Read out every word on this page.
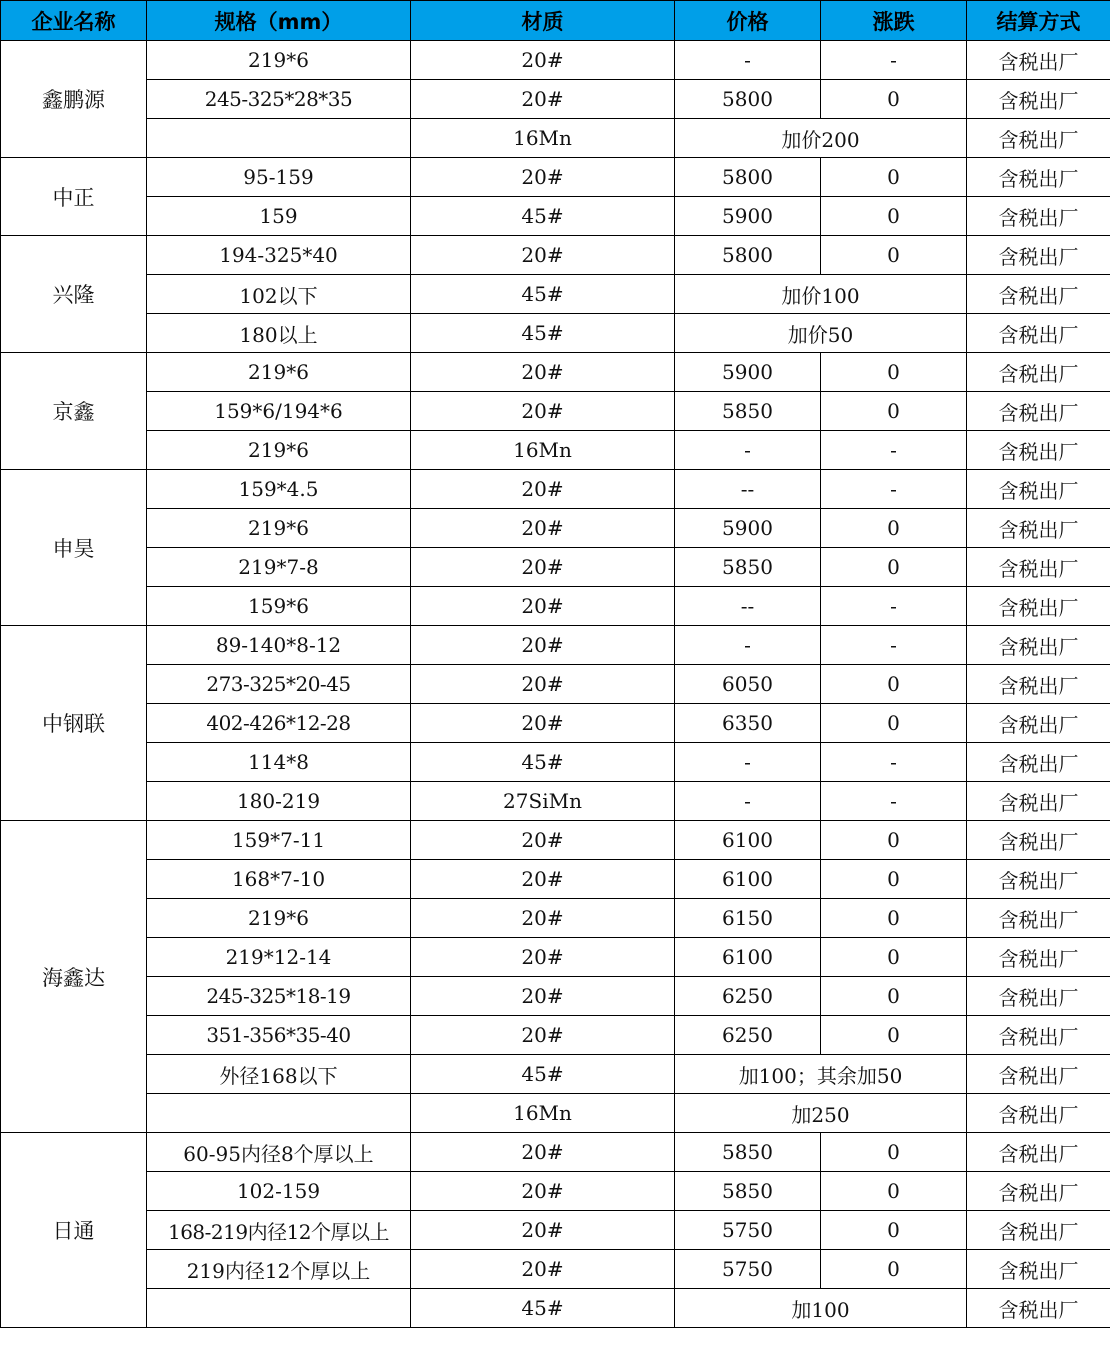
企业名称	规格（mm）	材质	价格	涨跌	结算方式
鑫鹏源	219*6	20#	-	-	含税出厂
	245-325*28*35	20#	5800	0	含税出厂
		16Mn	加价200		含税出厂
中正	95-159	20#	5800	0	含税出厂
	159	45#	5900	0	含税出厂
兴隆	194-325*40	20#	5800	0	含税出厂
	102以下	45#	加价100		含税出厂
	180以上	45#	加价50		含税出厂
京鑫	219*6	20#	5900	0	含税出厂
	159*6/194*6	20#	5850	0	含税出厂
	219*6	16Mn	-	-	含税出厂
申昊	159*4.5	20#	--	-	含税出厂
	219*6	20#	5900	0	含税出厂
	219*7-8	20#	5850	0	含税出厂
	159*6	20#	--	-	含税出厂
中钢联	89-140*8-12	20#	-	-	含税出厂
	273-325*20-45	20#	6050	0	含税出厂
	402-426*12-28	20#	6350	0	含税出厂
	114*8	45#	-	-	含税出厂
	180-219	27SiMn	-	-	含税出厂
海鑫达	159*7-11	20#	6100	0	含税出厂
	168*7-10	20#	6100	0	含税出厂
	219*6	20#	6150	0	含税出厂
	219*12-14	20#	6100	0	含税出厂
	245-325*18-19	20#	6250	0	含税出厂
	351-356*35-40	20#	6250	0	含税出厂
	外径168以下	45#	加100；其余加50		含税出厂
		16Mn	加250		含税出厂
日通	60-95内径8个厚以上	20#	5850	0	含税出厂
	102-159	20#	5850	0	含税出厂
	168-219内径12个厚以上	20#	5750	0	含税出厂
	219内径12个厚以上	20#	5750	0	含税出厂
		45#	加100		含税出厂
